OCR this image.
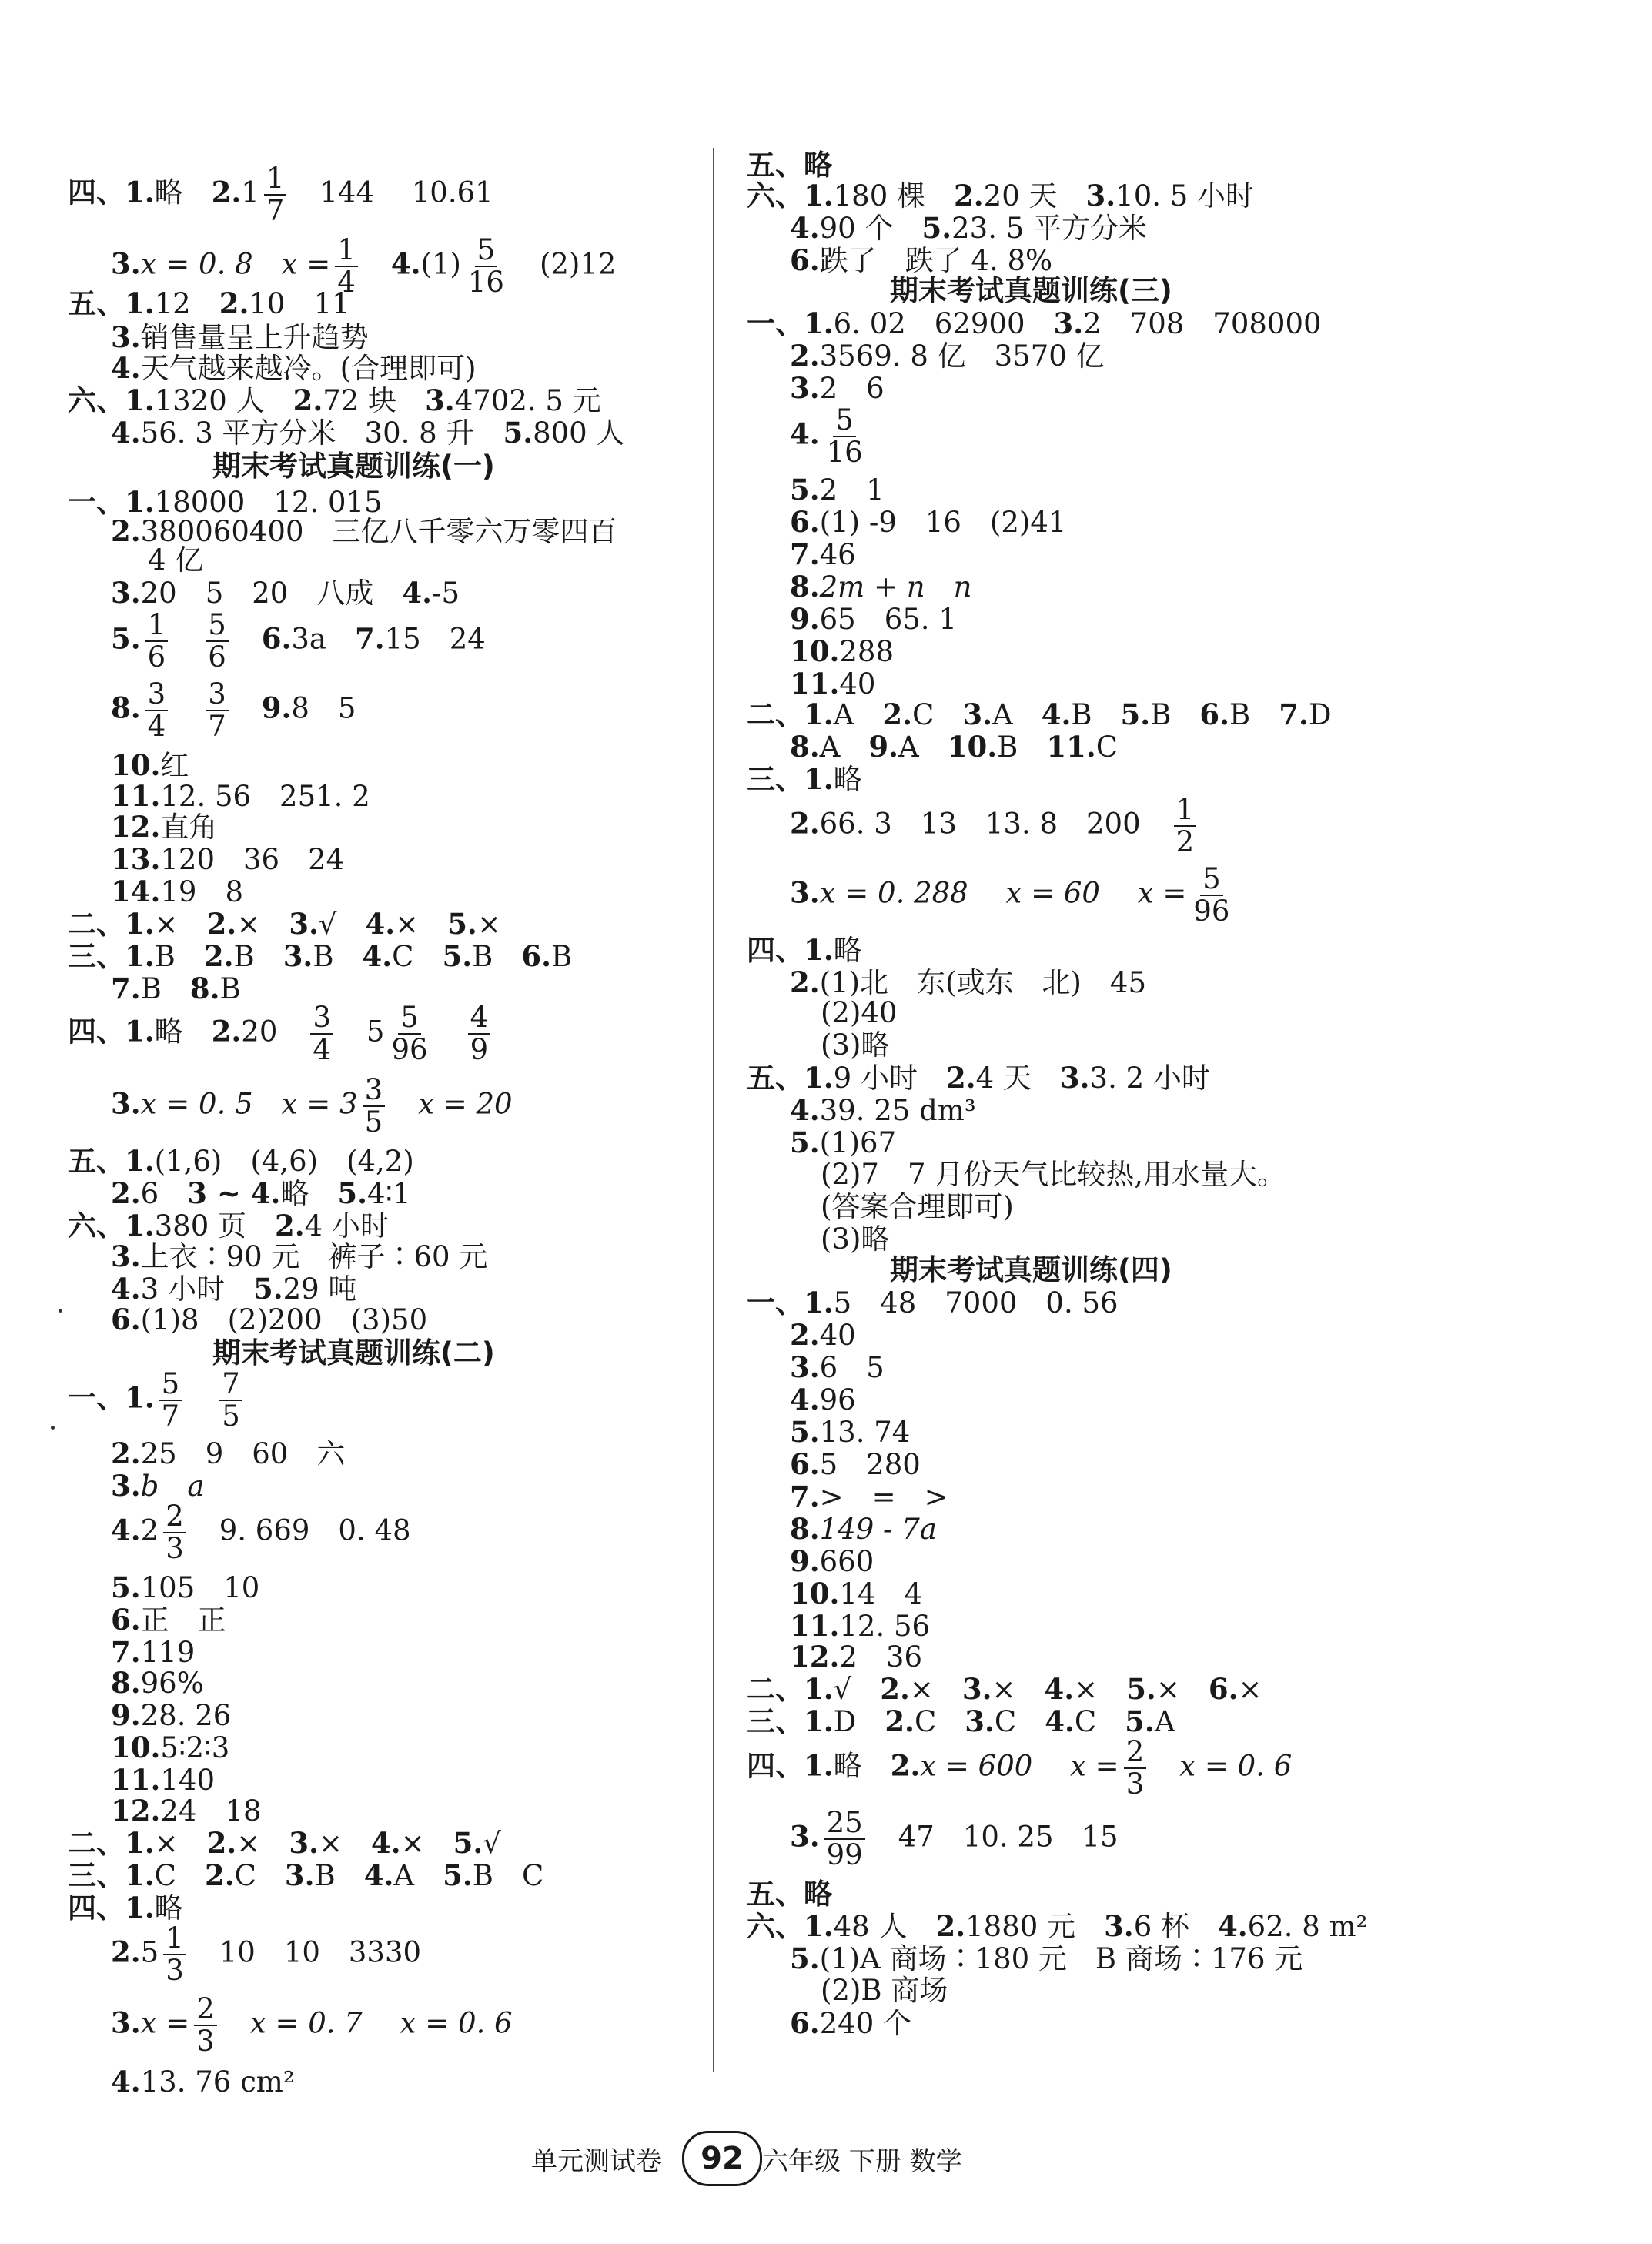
四、1.略　 $2.1 \frac{1}{7}$
　 144　 10.61
3.x = 0. 8　$x = \frac{1}{4}$
　 $4.(1) \frac{5}{16}$
　 (2)12
五、1.12　 2.10　11
3.销售量呈上升趋势
4.天气越来越冷。(合理即可)
六、1.1320 人　 2.72 块　 3.4702. 5 元
4.56. 3 平方分米　30. 8 升　 5.800 人
期末考试真题训练(一)
一、1.18000　12. 015
2.380060400　三亿八千零六万零四百
4 亿
3.20　5　20　八成　 4.-5
5. $\frac{1}{6}$
　 $\frac{5}{6}$
　 6.3a　 7.15　24
8. $\frac{3}{4}$
　 $\frac{3}{7}$
　 9.8　5
10.红
11.12. 56　251. 2
12.直角
13.120　36　24
14.19　8
二、1.×　 2.×　 3.√　 4.×　 5.×
三、1.B　 2.B　 3.B　 4.C　 5.B　 6.B
7.B　 8.B
四、1.略　 2.20　 $\frac{3}{4}$
　 $5 \frac{5}{96}$
　 $\frac{4}{9}$
3.x = 0. 5　$x = 3 \frac{3}{5}$
　 x = 20
五、1.(1,6)　(4,6)　(4,2)
2.6　 3 ~ 4.略　 5.4∶1
六、1.380 页　 2.4 小时
3.上衣∶90 元　裤子∶60 元
4.3 小时　 5.29 吨
6.(1)8　(2)200　(3)50
期末考试真题训练(二)
一、1. $\frac{5}{7}$
　 $\frac{7}{5}$
2.25　9　60　六
3.b　a
$4.2 \frac{2}{3}$
　 9. 669　0. 48
5.105　10
6.正　正
7.119
8.96%
9.28. 26
10.5∶2∶3
11.140
12.24　18
二、1.×　 2.×　 3.×　 4.×　 5.√
三、1.C　 2.C　 3.B　 4.A　 5.B　C
四、1.略
$2.5 \frac{1}{3}$
　 10　10　3330
$3.x = \frac{2}{3}$
　 x = 0. 7　 x = 0. 6
4.13. 76 cm²
五、略
六、1.180 棵　 2.20 天　 3.10. 5 小时
4.90 个　 5.23. 5 平方分米
6.跌了　跌了 4. 8%
期末考试真题训练(三)
一、1.6. 02　62900　 3.2　708　708000
2.3569. 8 亿　3570 亿
3.2　6
4. $\frac{5}{16}$
5.2　1
6.(1) -9　16　(2)41
7.46
8.2m + n　n
9.65　65. 1
10.288
11.40
二、1.A　 2.C　 3.A　 4.B　 5.B　 6.B　 7.D
8.A　 9.A　 10.B　 11.C
三、1.略
2.66. 3　13　13. 8　200　 $\frac{1}{2}$
3.x = 0. 288　 x = 60　 $x = \frac{5}{96}$
四、1.略
2.(1)北　东(或东　北)　45
(2)40
(3)略
五、1.9 小时　 2.4 天　 3.3. 2 小时
4.39. 25 dm³
5.(1)67
(2)7　7 月份天气比较热,用水量大。
(答案合理即可)
(3)略
期末考试真题训练(四)
一、1.5　48　7000　0. 56
2.40
3.6　5
4.96
5.13. 74
6.5　280
7.>　=　>
8.149 - 7a
9.660
10.14　4
11.12. 56
12.2　36
二、1.√　 2.×　 3.×　 4.×　 5.×　 6.×
三、1.D　 2.C　 3.C　 4.C　 5.A
四、1.略　 2.x = 600　 $x = \frac{2}{3}$
　 x = 0. 6
3. $\frac{25}{99}$
　 47　10. 25　15
五、略
六、1.48 人　 2.1880 元　 3.6 杯　 4.62. 8 m²
5.(1)A 商场∶180 元　B 商场∶176 元
(2)B 商场
6.240 个
单元测试卷	92 六年级 下册 数学
